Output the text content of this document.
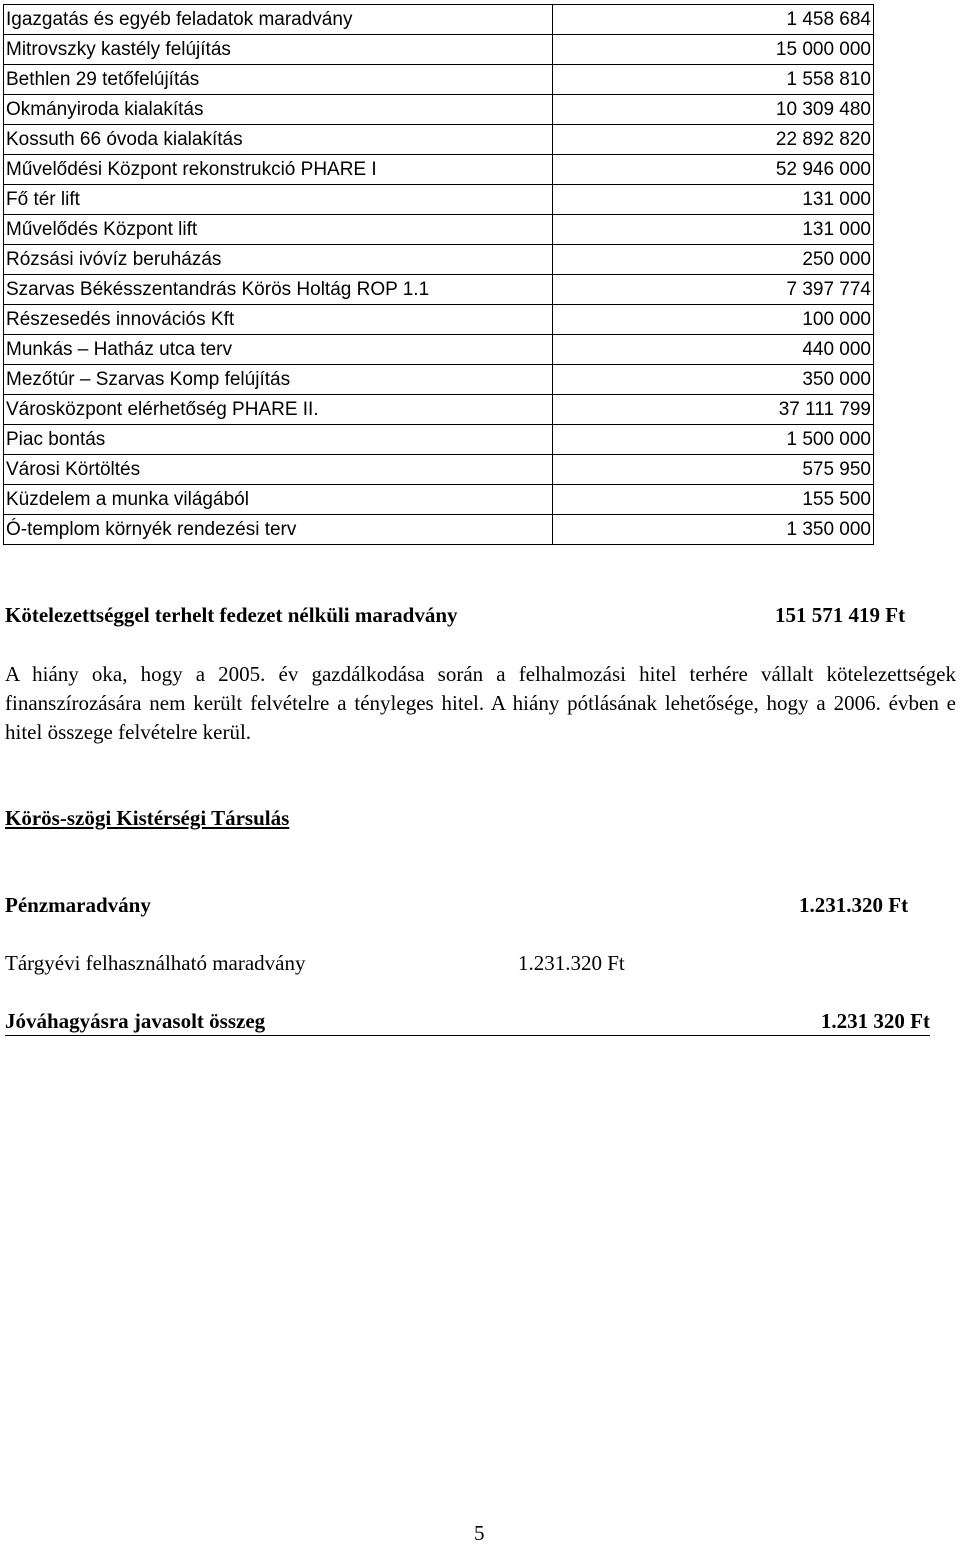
Igazgatás és egyéb feladatok maradvány	1 458 684
Mitrovszky kastély felújítás	15 000 000
Bethlen 29 tetőfelújítás	1 558 810
Okmányiroda kialakítás	10 309 480
Kossuth 66 óvoda kialakítás	22 892 820
Művelődési Központ rekonstrukció PHARE I	52 946 000
Fő tér lift	131 000
Művelődés Központ lift	131 000
Rózsási ivóvíz beruházás	250 000
Szarvas Békésszentandrás Körös Holtág ROP 1.1	7 397 774
Részesedés innovációs Kft	100 000
Munkás – Hatház utca terv	440 000
Mezőtúr – Szarvas Komp felújítás	350 000
Városközpont elérhetőség PHARE II.	37 111 799
Piac bontás	1 500 000
Városi Körtöltés	575 950
Küzdelem a munka világából	155 500
Ó-templom környék rendezési terv	1 350 000
Kötelezettséggel terhelt fedezet nélküli maradvány	151 571 419 Ft
A hiány oka, hogy a 2005. év gazdálkodása során a felhalmozási hitel terhére vállalt kötelezettségek finanszírozására nem került felvételre a tényleges hitel. A hiány pótlásának lehetősége, hogy a 2006. évben e hitel összege felvételre kerül.
Körös-szögi Kistérségi Társulás
Pénzmaradvány	1.231.320 Ft
Tárgyévi felhasználható maradvány	1.231.320 Ft
Jóváhagyásra javasolt összeg	1.231 320 Ft
5
